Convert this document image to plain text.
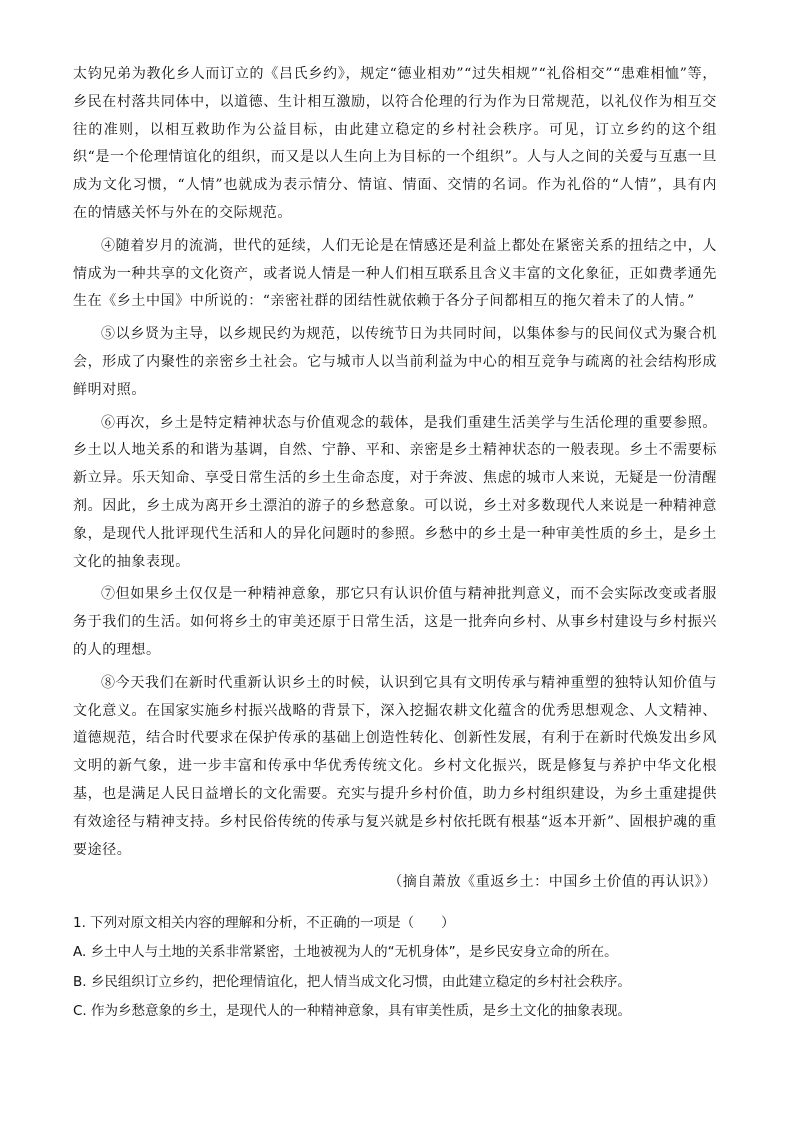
太钧兄弟为教化乡人而订立的《吕氏乡约》，规定“德业相劝”“过失相规”“礼俗相交”“患难相恤”等，乡民在村落共同体中，以道德、生计相互激励，以符合伦理的行为作为日常规范，以礼仪作为相互交往的准则，以相互救助作为公益目标，由此建立稳定的乡村社会秩序。可见，订立乡约的这个组织“是一个伦理情谊化的组织，而又是以人生向上为目标的一个组织”。人与人之间的关爱与互惠一旦成为文化习惯，“人情”也就成为表示情分、情谊、情面、交情的名词。作为礼俗的“人情”，具有内在的情感关怀与外在的交际规范。

④随着岁月的流淌，世代的延续，人们无论是在情感还是利益上都处在紧密关系的扭结之中，人情成为一种共享的文化资产，或者说人情是一种人们相互联系且含义丰富的文化象征，正如费孝通先生在《乡土中国》中所说的：“亲密社群的团结性就依赖于各分子间都相互的拖欠着未了的人情。”

⑤以乡贤为主导，以乡规民约为规范，以传统节日为共同时间，以集体参与的民间仪式为聚合机会，形成了内聚性的亲密乡土社会。它与城市人以当前利益为中心的相互竞争与疏离的社会结构形成鲜明对照。

⑥再次，乡土是特定精神状态与价值观念的载体，是我们重建生活美学与生活伦理的重要参照。乡土以人地关系的和谐为基调，自然、宁静、平和、亲密是乡土精神状态的一般表现。乡土不需要标新立异。乐天知命、享受日常生活的乡土生命态度，对于奔波、焦虑的城市人来说，无疑是一份清醒剂。因此，乡土成为离开乡土漂泊的游子的乡愁意象。可以说，乡土对多数现代人来说是一种精神意象，是现代人批评现代生活和人的异化问题时的参照。乡愁中的乡土是一种审美性质的乡土，是乡土文化的抽象表现。

⑦但如果乡土仅仅是一种精神意象，那它只有认识价值与精神批判意义，而不会实际改变或者服务于我们的生活。如何将乡土的审美还原于日常生活，这是一批奔向乡村、从事乡村建设与乡村振兴的人的理想。

⑧今天我们在新时代重新认识乡土的时候，认识到它具有文明传承与精神重塑的独特认知价值与文化意义。在国家实施乡村振兴战略的背景下，深入挖掘农耕文化蕴含的优秀思想观念、人文精神、道德规范，结合时代要求在保护传承的基础上创造性转化、创新性发展，有利于在新时代焕发出乡风文明的新气象，进一步丰富和传承中华优秀传统文化。乡村文化振兴，既是修复与养护中华文化根基，也是满足人民日益增长的文化需要。充实与提升乡村价值，助力乡村组织建设，为乡土重建提供有效途径与精神支持。乡村民俗传统的传承与复兴就是乡村依托既有根基“返本开新”、固根护魂的重要途径。

（摘自萧放《重返乡土：中国乡土价值的再认识》）

1. 下列对原文相关内容的理解和分析，不正确的一项是（　　）
A. 乡土中人与土地的关系非常紧密，土地被视为人的“无机身体”，是乡民安身立命的所在。
B. 乡民组织订立乡约，把伦理情谊化，把人情当成文化习惯，由此建立稳定的乡村社会秩序。
C. 作为乡愁意象的乡土，是现代人的一种精神意象，具有审美性质，是乡土文化的抽象表现。
